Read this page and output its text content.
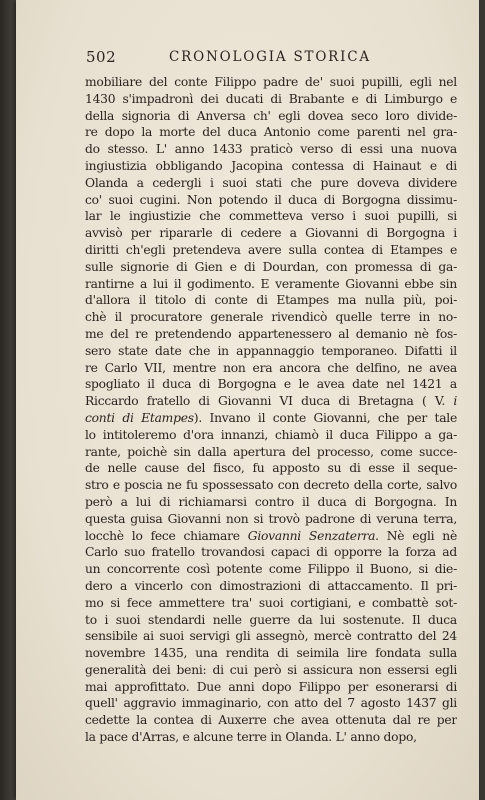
502	CRONOLOGIA STORICA
mobiliare del conte Filippo padre de' suoi pupilli, egli nel
1430 s'impadronì dei ducati di Brabante e di Limburgo e
della signoria di Anversa ch' egli dovea seco loro divide-
re dopo la morte del duca Antonio come parenti nel gra-
do stesso. L' anno 1433 praticò verso di essi una nuova
ingiustizia obbligando Jacopina contessa di Hainaut e di
Olanda a cedergli i suoi stati che pure doveva dividere
co' suoi cugini. Non potendo il duca di Borgogna dissimu-
lar le ingiustizie che commetteva verso i suoi pupilli, si
avvisò per ripararle di cedere a Giovanni di Borgogna i
diritti ch'egli pretendeva avere sulla contea di Etampes e
sulle signorie di Gien e di Dourdan, con promessa di ga-
rantirne a lui il godimento. E veramente Giovanni ebbe sin
d'allora il titolo di conte di Etampes ma nulla più, poi-
chè il procuratore generale rivendicò quelle terre in no-
me del re pretendendo appartenessero al demanio nè fos-
sero state date che in appannaggio temporaneo. Difatti il
re Carlo VII, mentre non era ancora che delfino, ne avea
spogliato il duca di Borgogna e le avea date nel 1421 a
Riccardo fratello di Giovanni VI duca di Bretagna ( V. i
conti di Etampes). Invano il conte Giovanni, che per tale
lo intitoleremo d'ora innanzi, chiamò il duca Filippo a ga-
rante, poichè sin dalla apertura del processo, come succe-
de nelle cause del fisco, fu apposto su di esse il seque-
stro e poscia ne fu spossessato con decreto della corte, salvo
però a lui di richiamarsi contro il duca di Borgogna. In
questa guisa Giovanni non si trovò padrone di veruna terra,
locchè lo fece chiamare Giovanni Senzaterra. Nè egli nè
Carlo suo fratello trovandosi capaci di opporre la forza ad
un concorrente così potente come Filippo il Buono, si die-
dero a vincerlo con dimostrazioni di attaccamento. Il pri-
mo si fece ammettere tra' suoi cortigiani, e combattè sot-
to i suoi stendardi nelle guerre da lui sostenute. Il duca
sensibile ai suoi servigi gli assegnò, mercè contratto del 24
novembre 1435, una rendita di seimila lire fondata sulla
generalità dei beni: di cui però si assicura non essersi egli
mai approfittato. Due anni dopo Filippo per esonerarsi di
quell' aggravio immaginario, con atto del 7 agosto 1437 gli
cedette la contea di Auxerre che avea ottenuta dal re per
la pace d'Arras, e alcune terre in Olanda. L' anno dopo,
